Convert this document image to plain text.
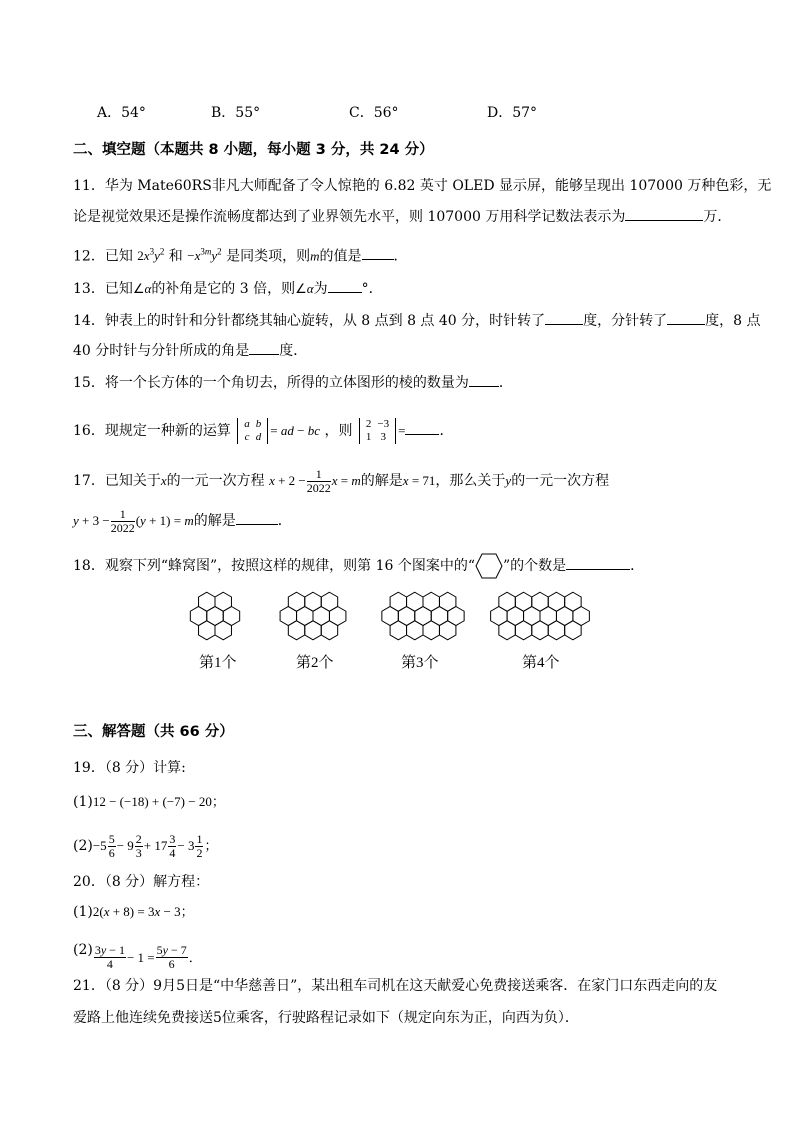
A．54°	B．55°	C．56°	D．57°
二、填空题（本题共 8 小题，每小题 3 分，共 24 分）
11．华为 Mate60RS非凡大师配备了令人惊艳的 6.82 英寸 OLED 显示屏，能够呈现出 107000 万种色彩，无
论是视觉效果还是操作流畅度都达到了业界领先水平，则 107000 万用科学记数法表示为	万．
12．已知 $2x^3y^2$ 和 $-x^{3m}y^2$ 是同类项，则m的值是 ．
13．已知∠α的补角是它的 3 倍，则∠α为 °．
14．钟表上的时针和分针都绕其轴心旋转，从 8 点到 8 点 40 分，时针转了	度，分针转了	度，8 点
40 分时针与分针所成的角是 度．
15．将一个长方体的一个角切去，所得的立体图形的棱的数量为 ．
16．现规定一种新的运算 a	b
c	d = ad − bc ，则 2	−3
1	3 = ．
17．已知关于x的一元一次方程 $x + 2 - \frac{1}{2022}$ x = m的解是x = 71，那么关于y的一元一次方程
$y + 3 - \frac{1}{2022} (y + 1) = m$的解是	．
18．观察下列“蜂窝图”，按照这样的规律，则第 16 个图案中的“ ”的个数是	．
第1个	第2个	第3个	第4个
三、解答题（共 66 分）
19．（8 分）计算:
(1)12 − (−18) + (−7) − 20；
$(2)-5 \frac{5}{6} - 9 \frac{2}{3} + 17 \frac{3}{4} - 3 \frac{1}{2}$ ；
20．（8 分）解方程：
(1)2(x + 8) = 3x − 3；
$(2) \frac{3y - 1}{4} - 1 = \frac{5y - 7}{6}$ ．
21．（8 分）9月5日是“中华慈善日”，某出租车司机在这天献爱心免费接送乘客．在家门口东西走向的友
爱路上他连续免费接送5位乘客，行驶路程记录如下（规定向东为正，向西为负）．
